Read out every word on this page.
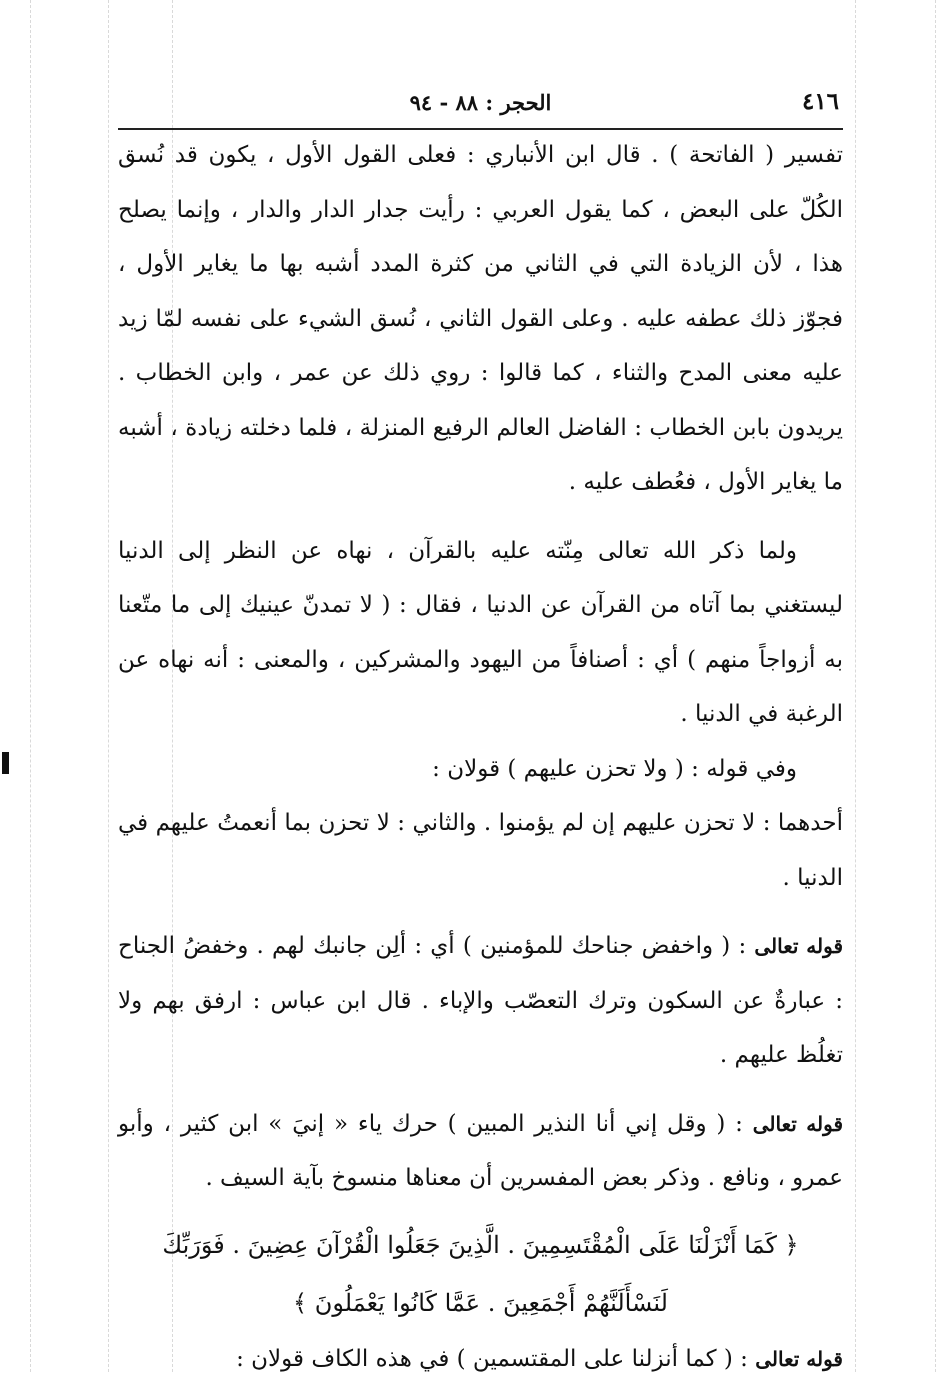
٤١٦
الحجر : ٨٨ - ٩٤

تفسير ( الفاتحة ) . قال ابن الأنباري : فعلى القول الأول ، يكون قد نُسق الكُلّ على البعض ، كما يقول العربي : رأيت جدار الدار والدار ، وإنما يصلح هذا ، لأن الزيادة التي في الثاني من كثرة المدد أشبه بها ما يغاير الأول ، فجوّز ذلك عطفه عليه . وعلى القول الثاني ، نُسق الشيء على نفسه لمّا زيد عليه معنى المدح والثناء ، كما قالوا : روي ذلك عن عمر ، وابن الخطاب . يريدون بابن الخطاب : الفاضل العالم الرفيع المنزلة ، فلما دخلته زيادة ، أشبه ما يغاير الأول ، فعُطف عليه .

ولما ذكر الله تعالى مِنّته عليه بالقرآن ، نهاه عن النظر إلى الدنيا ليستغني بما آتاه من القرآن عن الدنيا ، فقال : ( لا تمدنّ عينيك إلى ما متّعنا به أزواجاً منهم ) أي : أصنافاً من اليهود والمشركين ، والمعنى : أنه نهاه عن الرغبة في الدنيا .

وفي قوله : ( ولا تحزن عليهم ) قولان :

أحدهما : لا تحزن عليهم إن لم يؤمنوا . والثاني : لا تحزن بما أنعمتُ عليهم في الدنيا .

قوله تعالى : ( واخفض جناحك للمؤمنين ) أي : ألِن جانبك لهم . وخفضُ الجناح : عبارةٌ عن السكون وترك التعصّب والإباء . قال ابن عباس : ارفق بهم ولا تغلُظ عليهم .

قوله تعالى : ( وقل إني أنا النذير المبين ) حرك ياء « إنيَ » ابن كثير ، وأبو عمرو ، ونافع . وذكر بعض المفسرين أن معناها منسوخ بآية السيف .

﴿ كَمَا أَنْزَلْنَا عَلَى الْمُقْتَسِمِينَ . الَّذِينَ جَعَلُوا الْقُرْآنَ عِضِينَ . فَوَرَبِّكَ لَنَسْأَلَنَّهُمْ أَجْمَعِينَ . عَمَّا كَانُوا يَعْمَلُونَ ﴾

قوله تعالى : ( كما أنزلنا على المقتسمين ) في هذه الكاف قولان :
